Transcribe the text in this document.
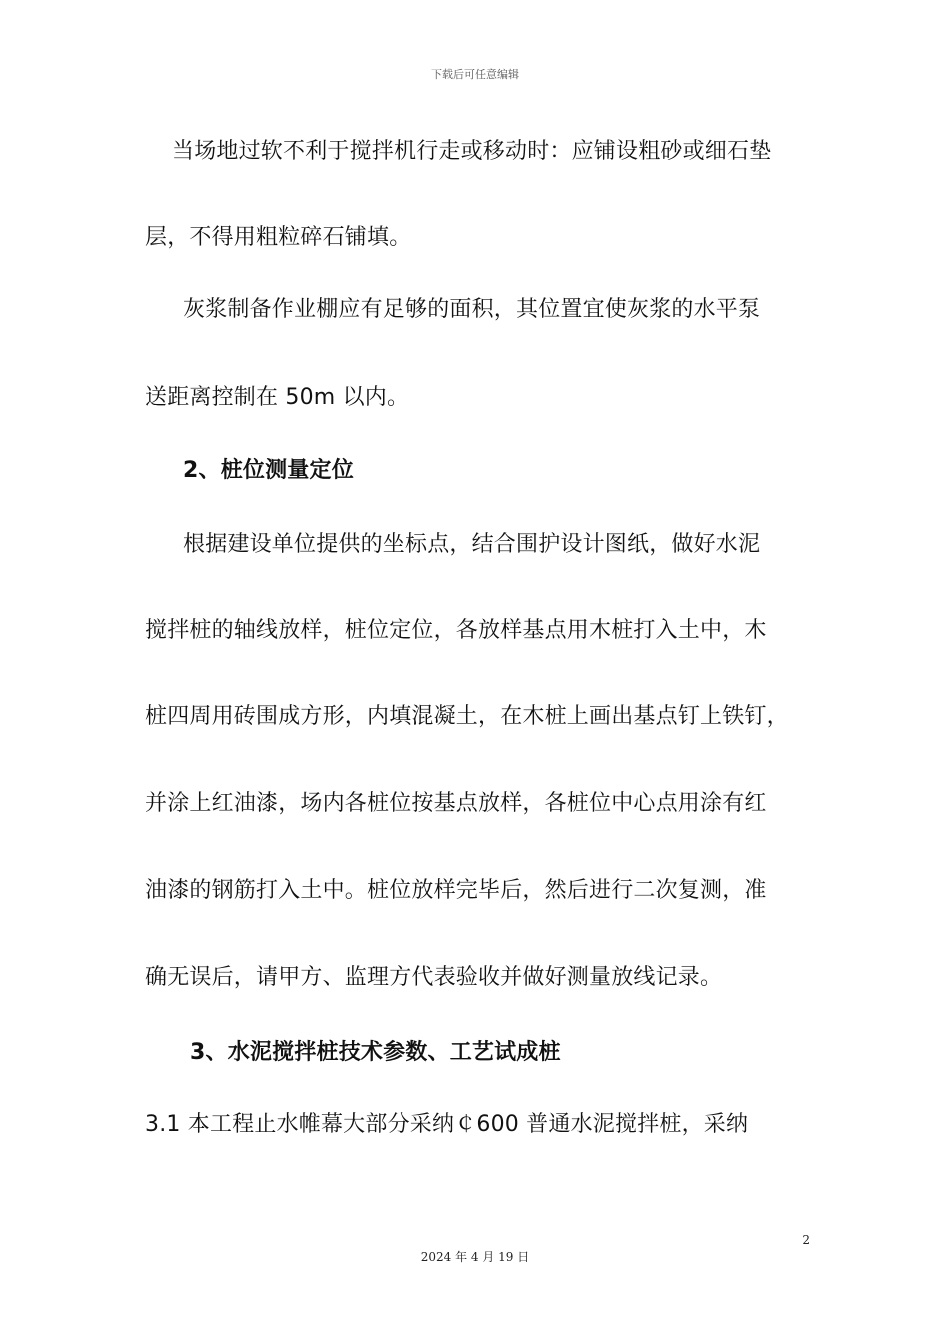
下载后可任意编辑
当场地过软不利于搅拌机行走或移动时：应铺设粗砂或细石垫
层，不得用粗粒碎石铺填。
灰浆制备作业棚应有足够的面积，其位置宜使灰浆的水平泵
送距离控制在 50m 以内。
2、桩位测量定位
根据建设单位提供的坐标点，结合围护设计图纸，做好水泥
搅拌桩的轴线放样，桩位定位，各放样基点用木桩打入土中，木
桩四周用砖围成方形，内填混凝土，在木桩上画出基点钉上铁钉，
并涂上红油漆，场内各桩位按基点放样，各桩位中心点用涂有红
油漆的钢筋打入土中。桩位放样完毕后，然后进行二次复测，准
确无误后，请甲方、监理方代表验收并做好测量放线记录。
3、水泥搅拌桩技术参数、工艺试成桩
3.1 本工程止水帷幕大部分采纳￠600 普通水泥搅拌桩，采纳
2
2024 年 4 月 19 日
